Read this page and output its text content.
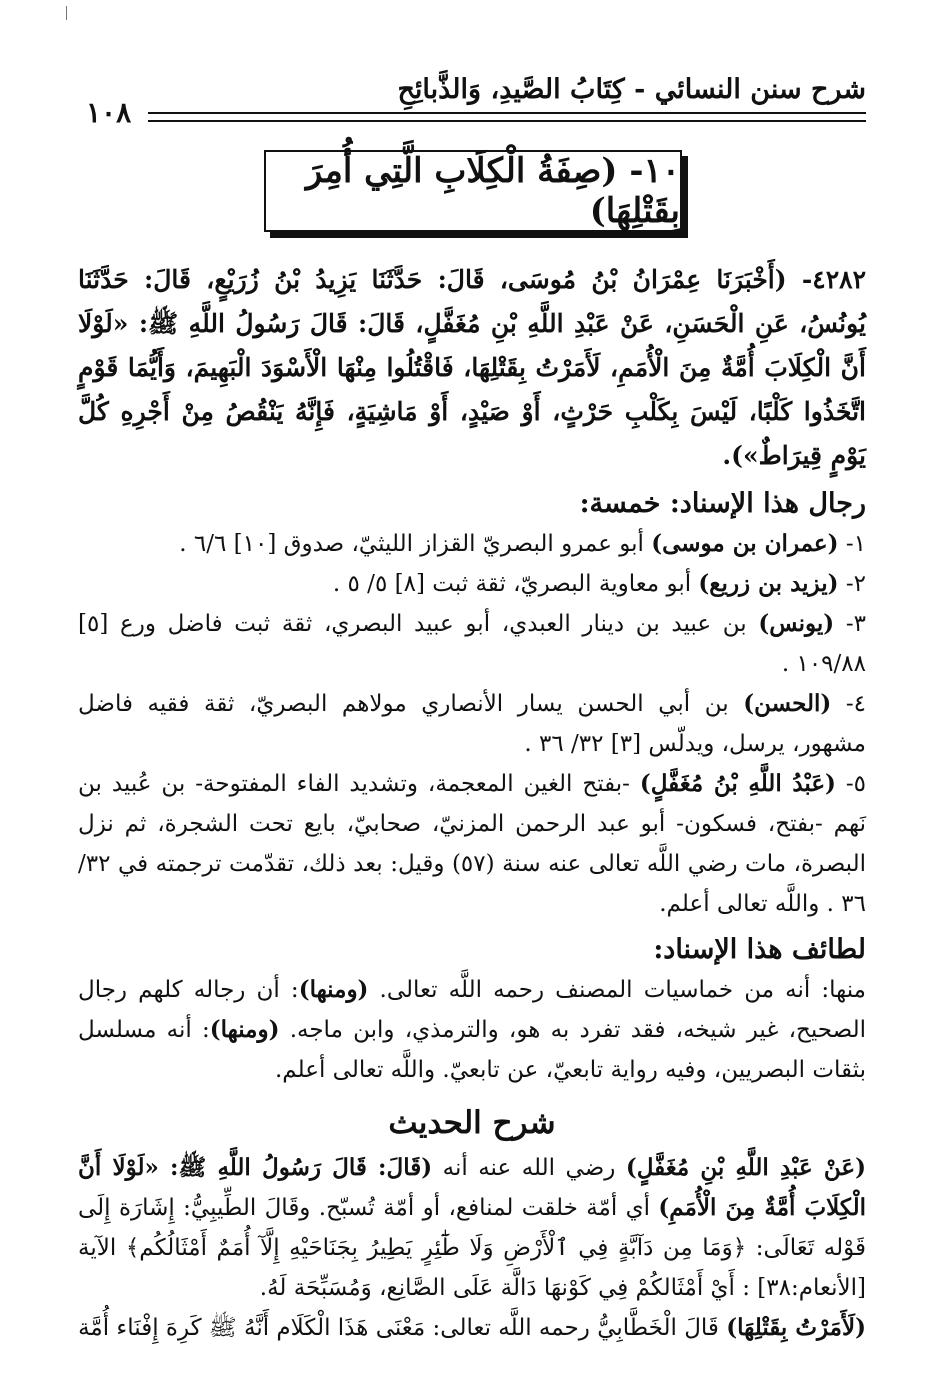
شرح سنن النسائي - كِتَابُ الصَّيدِ، وَالذَّبائِحِ
١٠٨
١٠- (صِفَةُ الْكِلَابِ الَّتِي أُمِرَ بِقَتْلِهَا)

٤٢٨٢- (أَخْبَرَنَا عِمْرَانُ بْنُ مُوسَى، قَالَ: حَدَّثَنَا يَزِيدُ بْنُ زُرَيْعٍ، قَالَ: حَدَّثَنَا يُونُسُ، عَنِ الْحَسَنِ، عَنْ عَبْدِ اللَّهِ بْنِ مُغَفَّلٍ، قَالَ: قَالَ رَسُولُ اللَّهِ ﷺ: «لَوْلَا أَنَّ الْكِلَابَ أُمَّةٌ مِنَ الْأُمَمِ، لَأَمَرْتُ بِقَتْلِهَا، فَاقْتُلُوا مِنْهَا الْأَسْوَدَ الْبَهِيمَ، وَأَيُّمَا قَوْمٍ اتَّخَذُوا كَلْبًا، لَيْسَ بِكَلْبِ حَرْثٍ، أَوْ صَيْدٍ، أَوْ مَاشِيَةٍ، فَإِنَّهُ يَنْقُصُ مِنْ أَجْرِهِ كُلَّ يَوْمٍ قِيرَاطٌ»).

رجال هذا الإسناد: خمسة:

١- (عمران بن موسى) أبو عمرو البصريّ القزاز الليثيّ، صدوق [١٠] ٦/٦ .

٢- (يزيد بن زريع) أبو معاوية البصريّ، ثقة ثبت [٨] ٥/ ٥ .

٣- (يونس) بن عبيد بن دينار العبدي، أبو عبيد البصري، ثقة ثبت فاضل ورع [٥] ١٠٩/٨٨ .

٤- (الحسن) بن أبي الحسن يسار الأنصاري مولاهم البصريّ، ثقة فقيه فاضل مشهور، يرسل، ويدلّس [٣] ٣٢/ ٣٦ .

٥- (عَبْدُ اللَّهِ بْنُ مُغَفَّلٍ) -بفتح الغين المعجمة، وتشديد الفاء المفتوحة- بن عُبيد بن نَهم -بفتح، فسكون- أبو عبد الرحمن المزنيّ، صحابيّ، بايع تحت الشجرة، ثم نزل البصرة، مات رضي اللَّه تعالى عنه سنة (٥٧) وقيل: بعد ذلك، تقدّمت ترجمته في ٣٢/ ٣٦ . واللَّه تعالى أعلم.

لطائف هذا الإسناد:

منها: أنه من خماسيات المصنف رحمه اللَّه تعالى. (ومنها): أن رجاله كلهم رجال الصحيح، غير شيخه، فقد تفرد به هو، والترمذي، وابن ماجه. (ومنها): أنه مسلسل بثقات البصريين، وفيه رواية تابعيّ، عن تابعيّ. واللَّه تعالى أعلم.

شرح الحديث

(عَنْ عَبْدِ اللَّهِ بْنِ مُغَفَّلٍ) رضي الله عنه أنه (قَالَ: قَالَ رَسُولُ اللَّهِ ﷺ: «لَوْلَا أَنَّ الْكِلَابَ أُمَّةٌ مِنَ الْأُمَمِ) أي أمّة خلقت لمنافع، أو أمّة تُسبّح. وقَالَ الطِّيبِيُّ: إِشَارَة إِلَى قَوْله تَعَالَى: ﴿وَمَا مِن دَآبَّةٍ فِي ٱلْأَرْضِ وَلَا طَٰٓئِرٍ يَطِيرُ بِجَنَاحَيْهِ إِلَّآ أُمَمٌ أَمْثَالُكُم﴾ الآية [الأنعام:٣٨] : أَيْ أَمْثَالكُمْ فِي كَوْنهَا دَالَّة عَلَى الصَّانِع، وَمُسَبِّحَة لَهُ.

(لَأَمَرْتُ بِقَتْلِهَا) قَالَ الْخَطَّابِيُّ رحمه اللَّه تعالى: مَعْنَى هَذَا الْكَلَام أَنَّهُ ﷺ كَرِهَ إِفْنَاء أُمَّة
